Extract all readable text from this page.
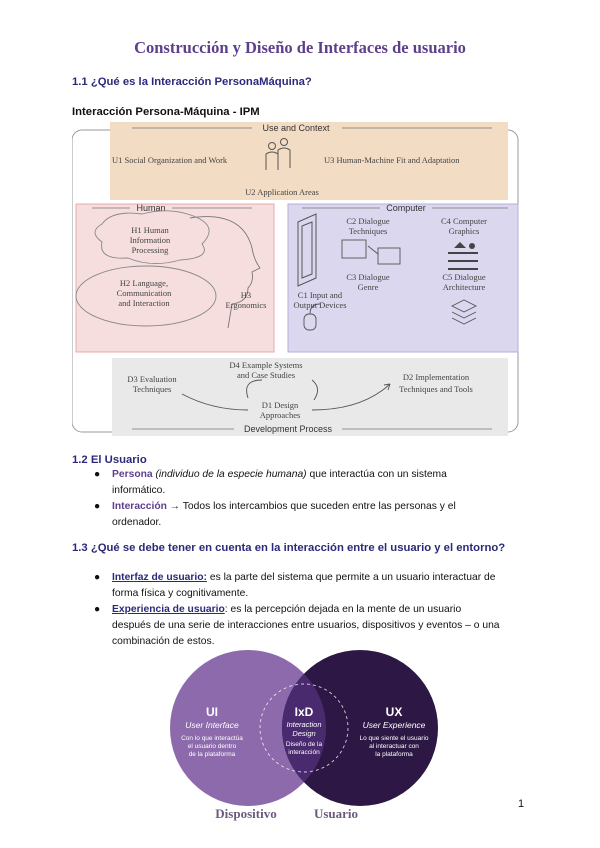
Construcción y Diseño de Interfaces de usuario
1.1 ¿Qué es la Interacción PersonaMáquina?
Interacción Persona-Máquina - IPM
Use and Context
Human	Computer
Development Process
U1 Social Organization and Work	U3 Human-Machine Fit and Adaptation
U2 Application Areas
H1 Human
Information
Processing
H2 Language,
Communication
and Interaction
H3
Ergonomics
C2 Dialogue
Techniques
C4 Computer
Graphics
C3 Dialogue
Genre
C5 Dialogue
Architecture
C1 Input and
Output Devices
D4 Example Systems
and Case Studies
D3 Evaluation
Techniques
D2 Implementation
Techniques and Tools
D1 Design
Approaches
1.2 El Usuario
● Persona (individuo de la especie humana) que interactúa con un sistema
informático.
● Interacción → Todos los intercambios que suceden entre las personas y el
ordenador.
1.3 ¿Qué se debe tener en cuenta en la interacción entre el usuario y el entorno?
● Interfaz de usuario: es la parte del sistema que permite a un usuario interactuar de
forma física y cognitivamente.
● Experiencia de usuario: es la percepción dejada en la mente de un usuario
después de una serie de interacciones entre usuarios, dispositivos y eventos – o una
combinación de estos.
UI
User Interface
Con lo que interactúa
el usuario dentro
de la plataforma
IxD
Interaction
Design
Diseño de la
interacción
UX
User Experience
Lo que siente el usuario
al interactuar con
la plataforma
Dispositivo	Usuario
1
